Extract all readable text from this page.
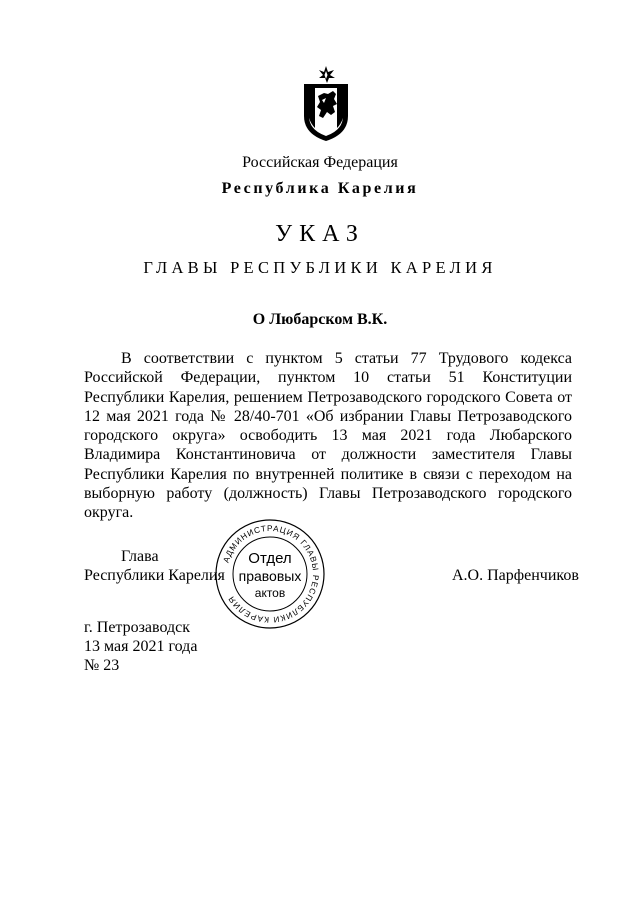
Российская Федерация
Республика Карелия
УКАЗ
ГЛАВЫ РЕСПУБЛИКИ КАРЕЛИЯ
О Любарском В.К.
В соответствии с пунктом 5 статьи 77 Трудового кодекса Российской Федерации, пунктом 10 статьи 51 Конституции Республики Карелия, решением Петрозаводского городского Совета от 12 мая 2021 года № 28/40-701 «Об избрании Главы Петрозаводского городского округа» освободить 13 мая 2021 года Любарского Владимира Константиновича от должности заместителя Главы Республики Карелия по внутренней политике в связи с переходом на выборную работу (должность) Главы Петрозаводского городского округа.
Глава
Республики Карелия	А.О. Парфенчиков
АДМИНИСТРАЦИЯ ГЛАВЫ РЕСПУБЛИКИ КАРЕЛИЯ
Отдел
правовых
актов
г. Петрозаводск
13 мая 2021 года
№ 23
